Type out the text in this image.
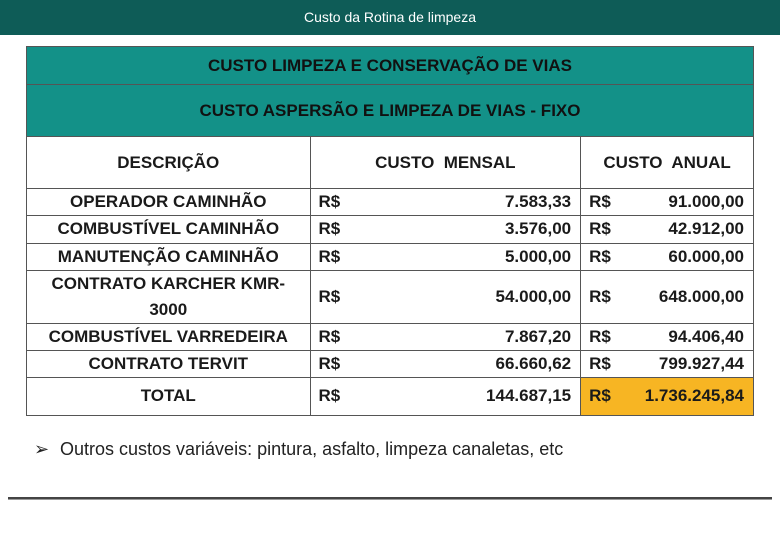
Custo da Rotina de limpeza
CUSTO LIMPEZA E CONSERVAÇÃO DE VIAS		
CUSTO ASPERSÃO E LIMPEZA DE VIAS - FIXO		
DESCRIÇÃO	CUSTO  MENSAL	CUSTO  ANUAL
OPERADOR CAMINHÃO	R$ 7.583,33	R$ 91.000,00

COMBUSTÍVEL CAMINHÃO	R$ 3.576,00	R$ 42.912,00

MANUTENÇÃO CAMINHÃO	R$ 5.000,00	R$ 60.000,00

CONTRATO KARCHER KMR-3000	R$ 54.000,00	R$ 648.000,00

COMBUSTÍVEL VARREDEIRA	R$ 7.867,20	R$ 94.406,40

CONTRATO TERVIT	R$ 66.660,62	R$ 799.927,44

TOTAL	R$ 144.687,15	R$ 1.736.245,84
➢ Outros custos variáveis: pintura, asfalto, limpeza canaletas, etc
